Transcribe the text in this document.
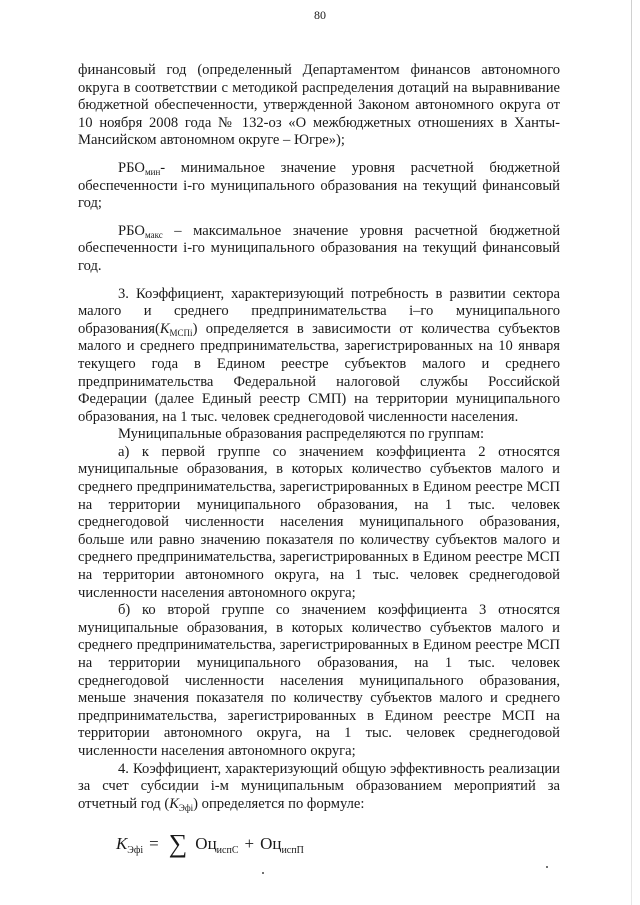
80

финансовый год (определенный Департаментом финансов автономного округа в соответствии с методикой распределения дотаций на выравнивание бюджетной обеспеченности, утвержденной Законом автономного округа от 10 ноября 2008 года № 132-оз «О межбюджетных отношениях в Ханты-Мансийском автономном округе – Югре»);

$РБО_{мин}-$ минимальное значение уровня расчетной бюджетной обеспеченности i-го муниципального образования на текущий финансовый год;

$РБО_{макс}$ – максимальное значение уровня расчетной бюджетной обеспеченности i-го муниципального образования на текущий финансовый год.

3. Коэффициент, характеризующий потребность в развитии сектора малого и среднего предпринимательства i–го муниципального $образования(К_{МСПi})$ определяется в зависимости от количества субъектов малого и среднего предпринимательства, зарегистрированных на 10 января текущего года в Едином реестре субъектов малого и среднего предпринимательства Федеральной налоговой службы Российской Федерации (далее Единый реестр СМП) на территории муниципального образования, на 1 тыс. человек среднегодовой численности населения.

Муниципальные образования распределяются по группам:

а) к первой группе со значением коэффициента 2 относятся муниципальные образования, в которых количество субъектов малого и среднего предпринимательства, зарегистрированных в Едином реестре МСП на территории муниципального образования, на 1 тыс. человек среднегодовой численности населения муниципального образования, больше или равно значению показателя по количеству субъектов малого и среднего предпринимательства, зарегистрированных в Едином реестре МСП на территории автономного округа, на 1 тыс. человек среднегодовой численности населения автономного округа;

б) ко второй группе со значением коэффициента 3 относятся муниципальные образования, в которых количество субъектов малого и среднего предпринимательства, зарегистрированных в Едином реестре МСП на территории муниципального образования, на 1 тыс. человек среднегодовой численности населения муниципального образования, меньше значения показателя по количеству субъектов малого и среднего предпринимательства, зарегистрированных в Едином реестре МСП на территории автономного округа, на 1 тыс. человек среднегодовой численности населения автономного округа;

4. Коэффициент, характеризующий общую эффективность реализации за счет субсидии i-м муниципальным образованием мероприятий за отчетный год $(К_{Эфi})$ определяется по формуле:

$К_{Эфi}$ = ∑ $Оц_{испС} + Оц_{испП}$
